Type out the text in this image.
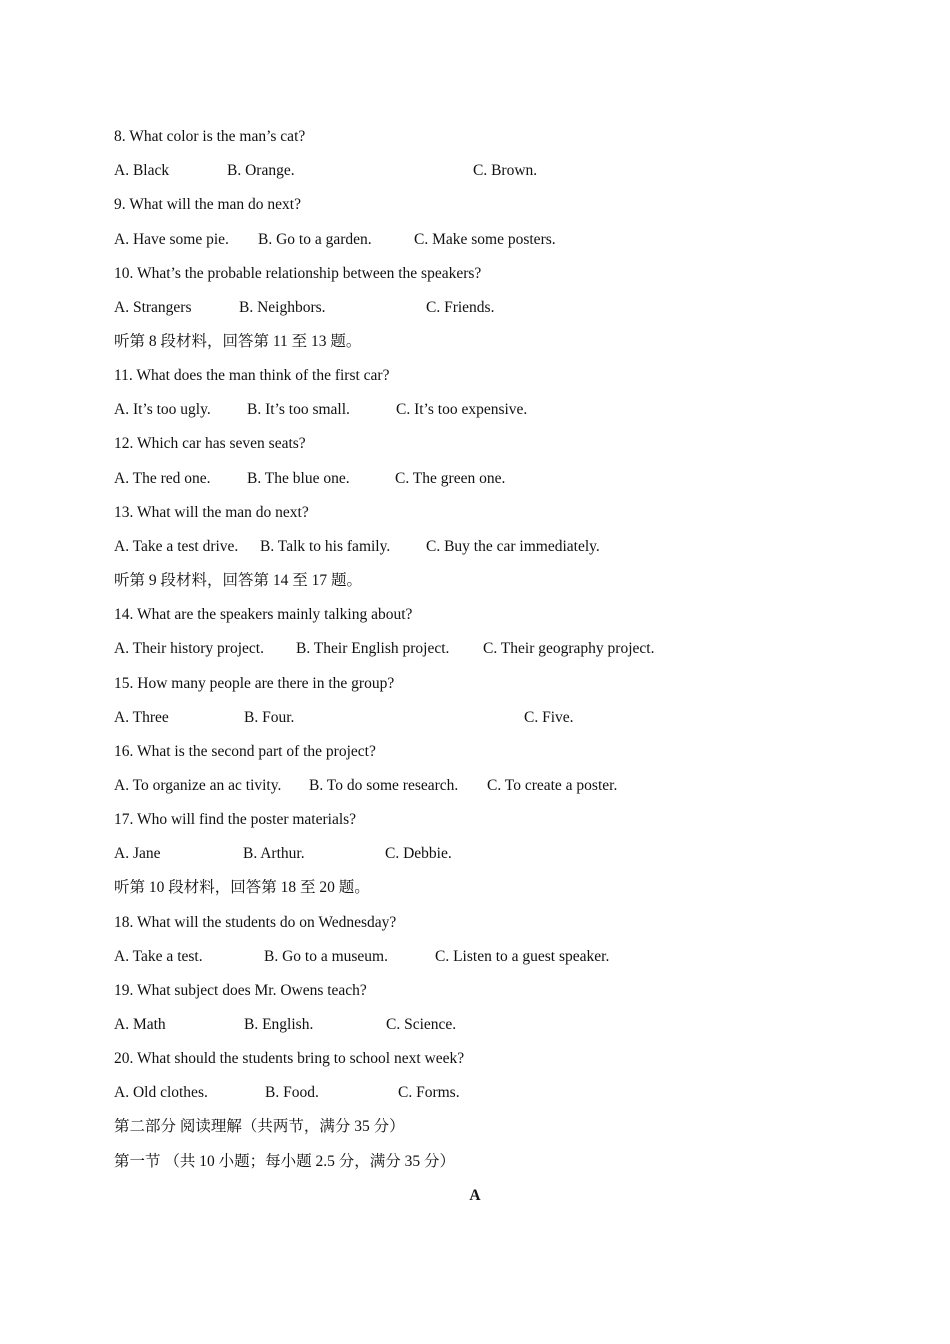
8. What color is the man’s cat?
A. Black	B. Orange.	C. Brown.
9. What will the man do next?
A. Have some pie. B. Go to a garden.	C. Make some posters.
10. What’s the probable relationship between the speakers?
A. Strangers	B. Neighbors.	C. Friends.
听第 8 段材料，回答第 11 至 13 题。
11. What does the man think of the first car?
A. It’s too ugly. B. It’s too small.	C. It’s too expensive.
12. Which car has seven seats?
A. The red one. B. The blue one.	C. The green one.
13. What will the man do next?
A. Take a test drive. B. Talk to his family. C. Buy the car immediately.
听第 9 段材料，回答第 14 至 17 题。
14. What are the speakers mainly talking about?
A. Their history project. B. Their English project. C. Their geography project.
15. How many people are there in the group?
A. Three	B. Four.	C. Five.
16. What is the second part of the project?
A. To organize an ac tivity. B. To do some research. C. To create a poster.
17. Who will find the poster materials?
A. Jane	B. Arthur.	C. Debbie.
听第 10 段材料，回答第 18 至 20 题。
18. What will the students do on Wednesday?
A. Take a test.	B. Go to a museum.	C. Listen to a guest speaker.
19. What subject does Mr. Owens teach?
A. Math	B. English.	C. Science.
20. What should the students bring to school next week?
A. Old clothes.	B. Food.	C. Forms.
第二部分 阅读理解（共两节，满分 35 分）
第一节 （共 10 小题；每小题 2.5 分，满分 35 分）
A
